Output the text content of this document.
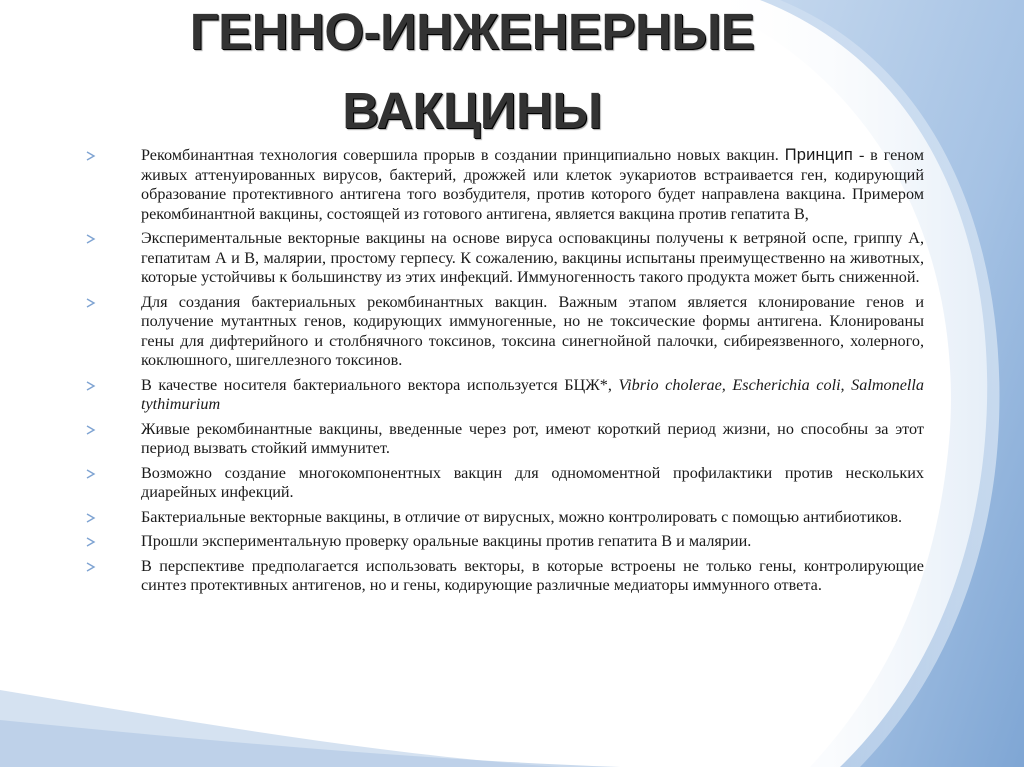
ГЕННО-ИНЖЕНЕРНЫЕ
ВАКЦИНЫ
Рекомбинантная технология совершила прорыв в создании принципиально новых вакцин. Принцип - в геном живых аттенуированных вирусов, бактерий, дрожжей или клеток эукариотов встраивается ген, кодирующий образование протективного антигена того возбудителя, против которого будет направлена вакцина. Примером рекомбинантной вакцины, состоящей из готового антигена, является вакцина против гепатита В,
Экспериментальные векторные вакцины на основе вируса осповакцины получены к ветряной оспе, гриппу А, гепатитам А и В, малярии, простому герпесу. К сожалению, вакцины испытаны преимущественно на животных, которые устойчивы к большинству из этих инфекций. Иммуногенность такого продукта может быть сниженной.
Для создания бактериальных рекомбинантных вакцин. Важным этапом является клонирование генов и получение мутантных генов, кодирующих иммуногенные, но не токсические формы антигена. Клонированы гены для дифтерийного и столбнячного токсинов, токсина синегнойной палочки, сибиреязвенного, холерного, коклюшного, шигеллезного токсинов.
В качестве носителя бактериального вектора используется БЦЖ*, Vibrio cholerae, Escherichia coli, Salmonella tythimurium
Живые рекомбинантные вакцины, введенные через рот, имеют короткий период жизни, но способны за этот период вызвать стойкий иммунитет.
Возможно создание многокомпонентных вакцин для одномоментной профилактики против нескольких диарейных инфекций.
Бактериальные векторные вакцины, в отличие от вирусных, можно контролировать с помощью антибиотиков.
Прошли экспериментальную проверку оральные вакцины против гепатита В и малярии.
В перспективе предполагается использовать векторы, в которые встроены не только гены, контролирующие синтез протективных антигенов, но и гены, кодирующие различные медиаторы иммунного ответа.
